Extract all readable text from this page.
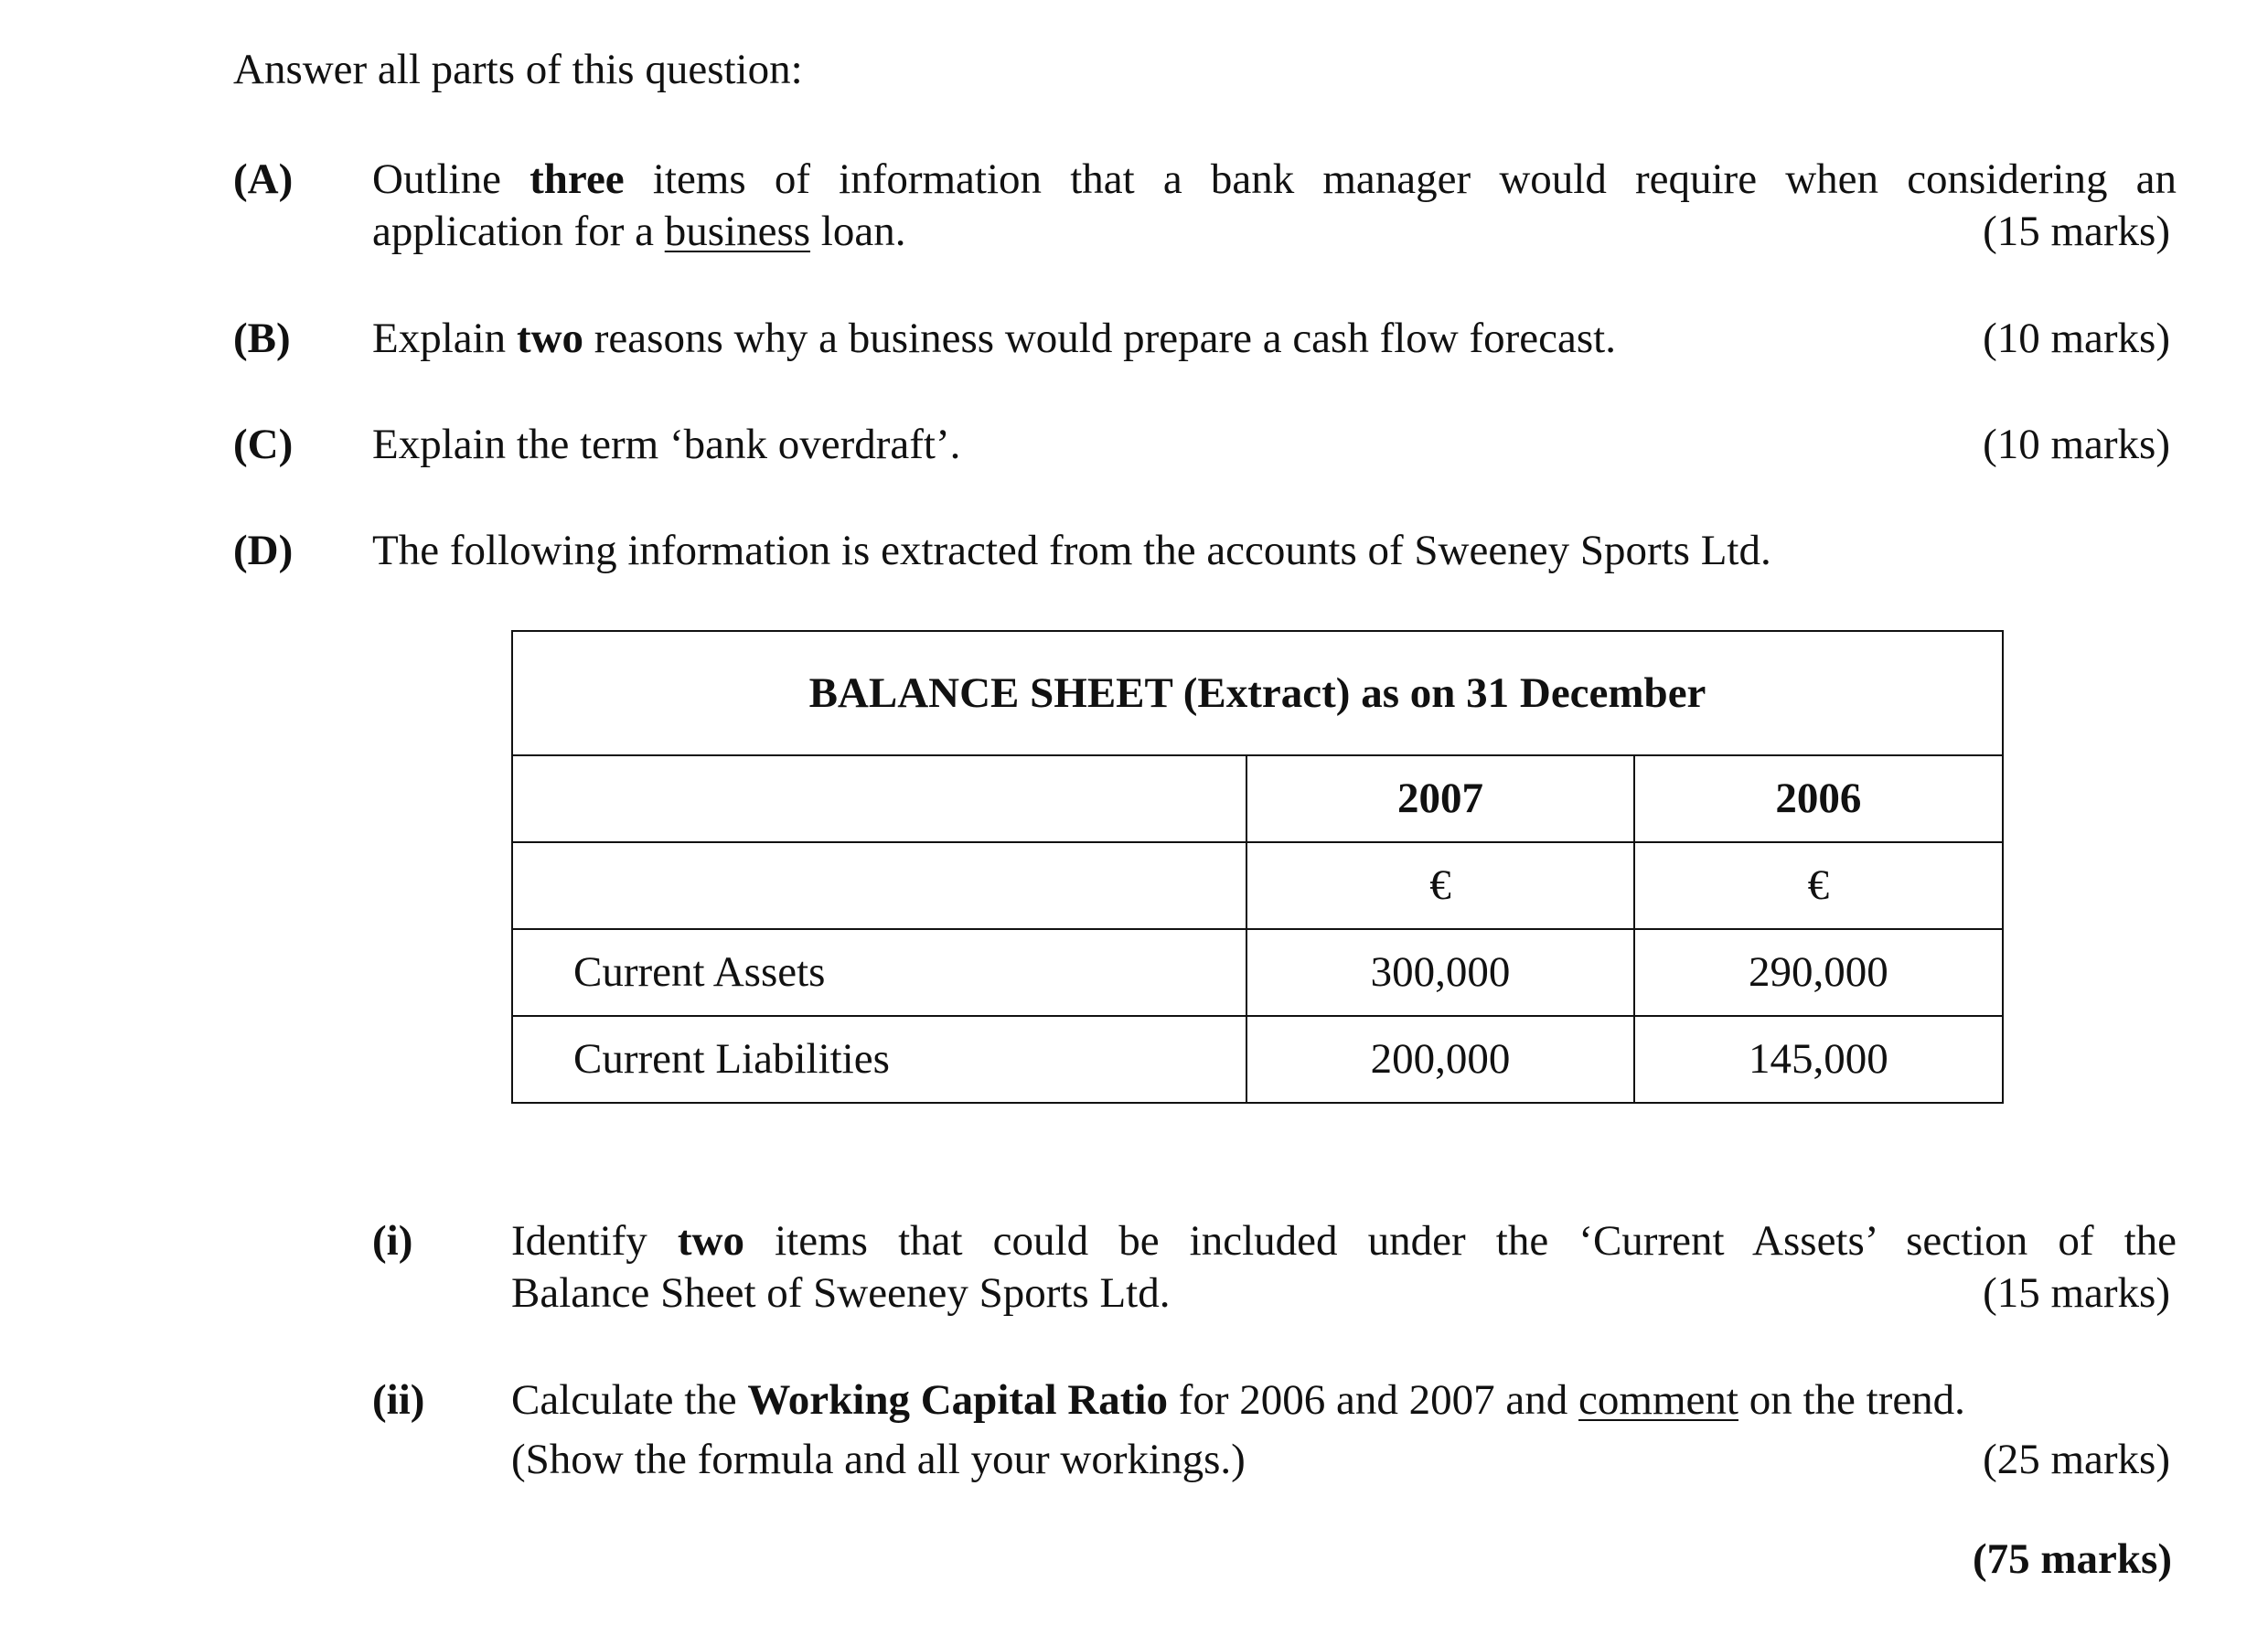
Answer all parts of this question:
(A) Outline three items of information that a bank manager would require when considering an
application for a business loan.	(15 marks)
(B) Explain two reasons why a business would prepare a cash flow forecast.	(10 marks)
(C) Explain the term ‘bank overdraft’.	(10 marks)
(D) The following information is extracted from the accounts of Sweeney Sports Ltd.
BALANCE SHEET (Extract) as on 31 December		
	2007	2006
	€	€
Current Assets	300,000	290,000
Current Liabilities	200,000	145,000
(i) Identify two items that could be included under the ‘Current Assets’ section of the
Balance Sheet of Sweeney Sports Ltd.	(15 marks)
(ii) Calculate the Working Capital Ratio for 2006 and 2007 and comment on the trend.
(Show the formula and all your workings.)	(25 marks)
(75 marks)
